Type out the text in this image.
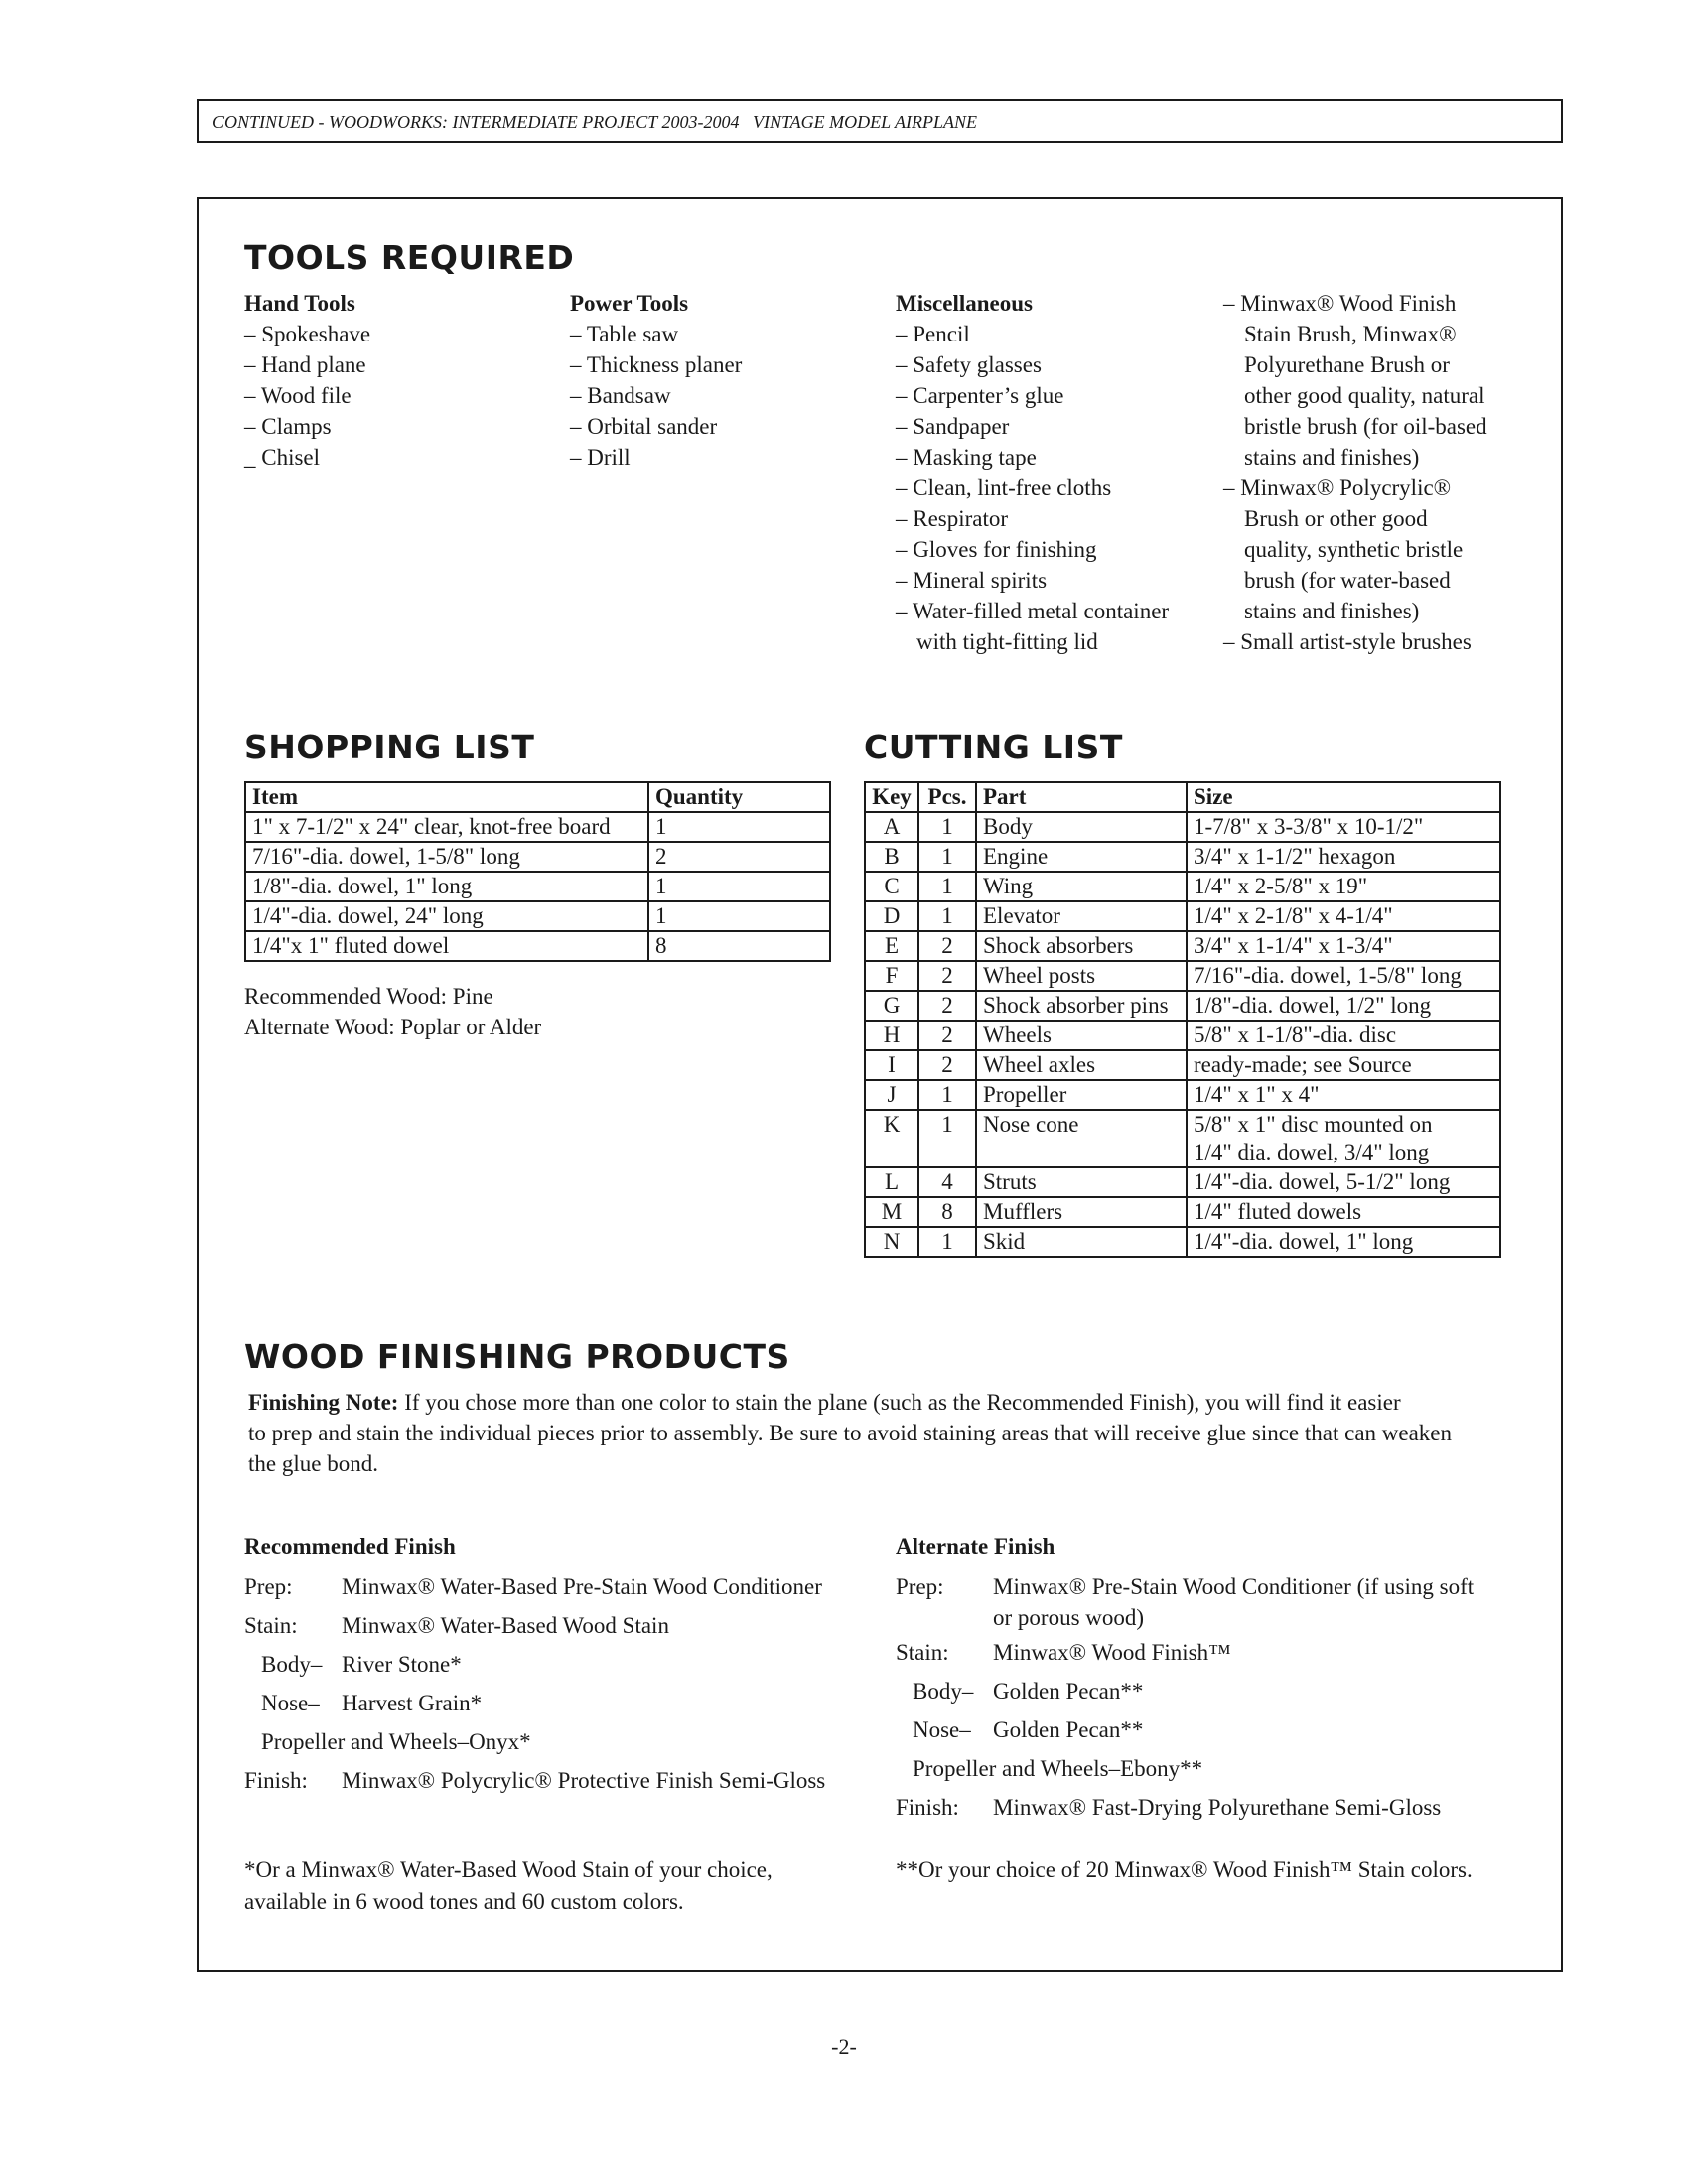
CONTINUED - WOODWORKS: INTERMEDIATE PROJECT 2003-2004   VINTAGE MODEL AIRPLANE
TOOLS REQUIRED
Hand Tools
– Spokeshave
– Hand plane
– Wood file
– Clamps
_ Chisel
Power Tools
– Table saw
– Thickness planer
– Bandsaw
– Orbital sander
– Drill
Miscellaneous
– Pencil
– Safety glasses
– Carpenter’s glue
– Sandpaper
– Masking tape
– Clean, lint-free cloths
– Respirator
– Gloves for finishing
– Mineral spirits
– Water-filled metal container
with tight-fitting lid
– Minwax® Wood Finish
Stain Brush, Minwax®
Polyurethane Brush or
other good quality, natural
bristle brush (for oil-based
stains and finishes)
– Minwax® Polycrylic®
Brush or other good
quality, synthetic bristle
brush (for water-based
stains and finishes)
– Small artist-style brushes
SHOPPING LIST
Item	Quantity
1" x 7-1/2" x 24" clear, knot-free board	1
7/16"-dia. dowel, 1-5/8" long	2
1/8"-dia. dowel, 1" long	1
1/4"-dia. dowel, 24" long	1
1/4"x 1" fluted dowel	8
Recommended Wood: Pine
Alternate Wood: Poplar or Alder
CUTTING LIST
Key	Pcs.	Part	Size
A	1	Body	1-7/8" x 3-3/8" x 10-1/2"
B	1	Engine	3/4" x 1-1/2" hexagon
C	1	Wing	1/4" x 2-5/8" x 19"
D	1	Elevator	1/4" x 2-1/8" x 4-1/4"
E	2	Shock absorbers	3/4" x 1-1/4" x 1-3/4"
F	2	Wheel posts	7/16"-dia. dowel, 1-5/8" long
G	2	Shock absorber pins	1/8"-dia. dowel, 1/2" long
H	2	Wheels	5/8" x 1-1/8"-dia. disc
I	2	Wheel axles	ready-made; see Source
J	1	Propeller	1/4" x 1" x 4"
K	1	Nose cone	5/8" x 1" disc mounted on
1/4" dia. dowel, 3/4" long

L	4	Struts	1/4"-dia. dowel, 5-1/2" long
M	8	Mufflers	1/4" fluted dowels
N	1	Skid	1/4"-dia. dowel, 1" long
WOOD FINISHING PRODUCTS
Finishing Note: If you chose more than one color to stain the plane (such as the Recommended Finish), you will find it easier
to prep and stain the individual pieces prior to assembly. Be sure to avoid staining areas that will receive glue since that can weaken
the glue bond.
Recommended Finish
Prep: Minwax® Water-Based Pre-Stain Wood Conditioner
Stain: Minwax® Water-Based Wood Stain
Body– River Stone*
Nose– Harvest Grain*
Propeller and Wheels–Onyx*
Finish: Minwax® Polycrylic® Protective Finish Semi-Gloss
*Or a Minwax® Water-Based Wood Stain of your choice,
available in 6 wood tones and 60 custom colors.
Alternate Finish
Prep: Minwax® Pre-Stain Wood Conditioner (if using soft
or porous wood)
Stain: Minwax® Wood Finish™
Body– Golden Pecan**
Nose– Golden Pecan**
Propeller and Wheels–Ebony**
Finish: Minwax® Fast-Drying Polyurethane Semi-Gloss
**Or your choice of 20 Minwax® Wood Finish™ Stain colors.
-2-
